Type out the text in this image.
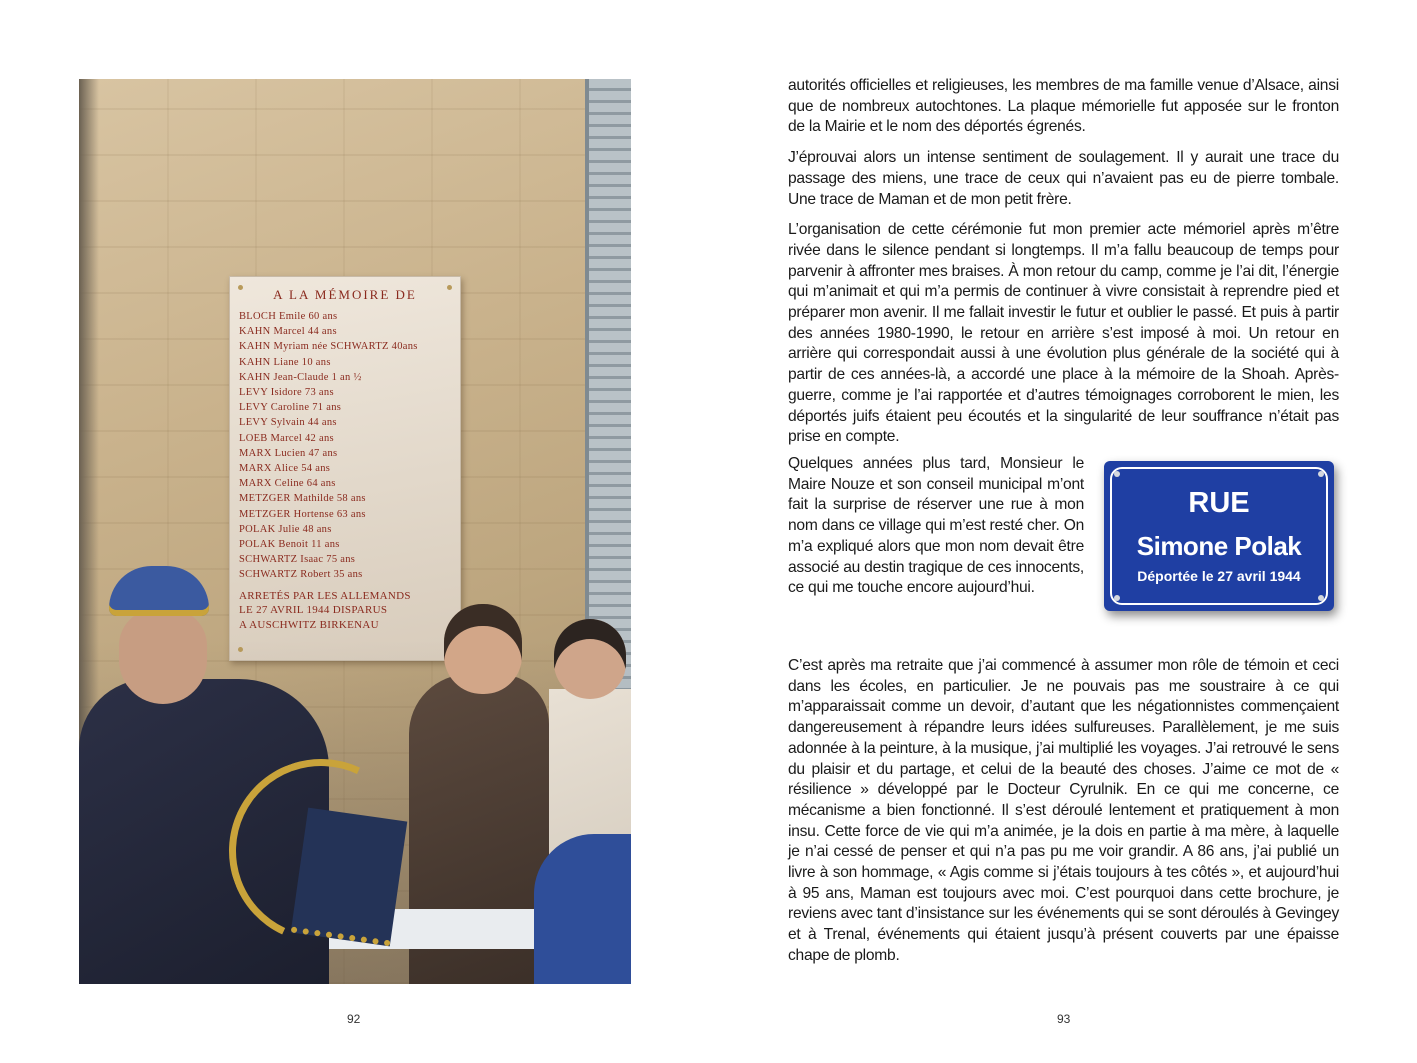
A LA MÉMOIRE DE
BLOCH Emile 60 ans
KAHN Marcel 44 ans
KAHN Myriam née SCHWARTZ 40ans
KAHN Liane 10 ans
KAHN Jean-Claude 1 an ½
LEVY Isidore 73 ans
LEVY Caroline 71 ans
LEVY Sylvain 44 ans
LOEB Marcel 42 ans
MARX Lucien 47 ans
MARX Alice 54 ans
MARX Celine 64 ans
METZGER Mathilde 58 ans
METZGER Hortense 63 ans
POLAK Julie 48 ans
POLAK Benoit 11 ans
SCHWARTZ Isaac 75 ans
SCHWARTZ Robert 35 ans
ARRETÉS PAR LES ALLEMANDS
LE 27 AVRIL 1944 DISPARUS
A AUSCHWITZ BIRKENAU
92

autorités officielles et religieuses, les membres de ma famille venue d’Alsace, ainsi que de nombreux autochtones. La plaque mémorielle fut apposée sur le fronton de la Mairie et le nom des déportés égrenés.

J’éprouvai alors un intense sentiment de soulagement. Il y aurait une trace du passage des miens, une trace de ceux qui n’avaient pas eu de pierre tombale. Une trace de Maman et de mon petit frère.

L’organisation de cette cérémonie fut mon premier acte mémoriel après m’être rivée dans le silence pendant si longtemps. Il m’a fallu beaucoup de temps pour parvenir à affronter mes braises. À mon retour du camp, comme je l’ai dit, l’énergie qui m’animait et qui m’a permis de continuer à vivre consistait à reprendre pied et préparer mon avenir. Il me fallait investir le futur et oublier le passé. Et puis à partir des années 1980-1990, le retour en arrière s’est imposé à moi. Un retour en arrière qui correspondait aussi à une évolution plus générale de la société qui à partir de ces années-là, a accordé une place à la mémoire de la Shoah. Après-guerre, comme je l’ai rapportée et d’autres témoignages corroborent le mien, les déportés juifs étaient peu écoutés et la singularité de leur souffrance n’était pas prise en compte.

Quelques années plus tard, Monsieur le Maire Nouze et son conseil municipal m’ont fait la surprise de réserver une rue à mon nom dans ce village qui m’est resté cher. On m’a expliqué alors que mon nom devait être associé au destin tragique de ces innocents, ce qui me touche encore aujourd’hui.

RUE
Simone Polak
Déportée le 27 avril 1944

C’est après ma retraite que j’ai commencé à assumer mon rôle de témoin et ceci dans les écoles, en particulier. Je ne pouvais pas me soustraire à ce qui m’apparaissait comme un devoir, d’autant que les négationnistes commençaient dangereusement à répandre leurs idées sulfureuses. Parallèlement, je me suis adonnée à la peinture, à la musique, j’ai multiplié les voyages. J’ai retrouvé le sens du plaisir et du partage, et celui de la beauté des choses. J’aime ce mot de « résilience » développé par le Docteur Cyrulnik. En ce qui me concerne, ce mécanisme a bien fonctionné. Il s’est déroulé lentement et pratiquement à mon insu. Cette force de vie qui m’a animée, je la dois en partie à ma mère, à laquelle je n’ai cessé de penser et qui n’a pas pu me voir grandir. A 86 ans, j’ai publié un livre à son hommage, « Agis comme si j’étais toujours à tes côtés », et aujourd’hui à 95 ans, Maman est toujours avec moi. C’est pourquoi dans cette brochure, je reviens avec tant d’insistance sur les événements qui se sont déroulés à Gevingey et à Trenal, événements qui étaient jusqu’à présent couverts par une épaisse chape de plomb.

93
